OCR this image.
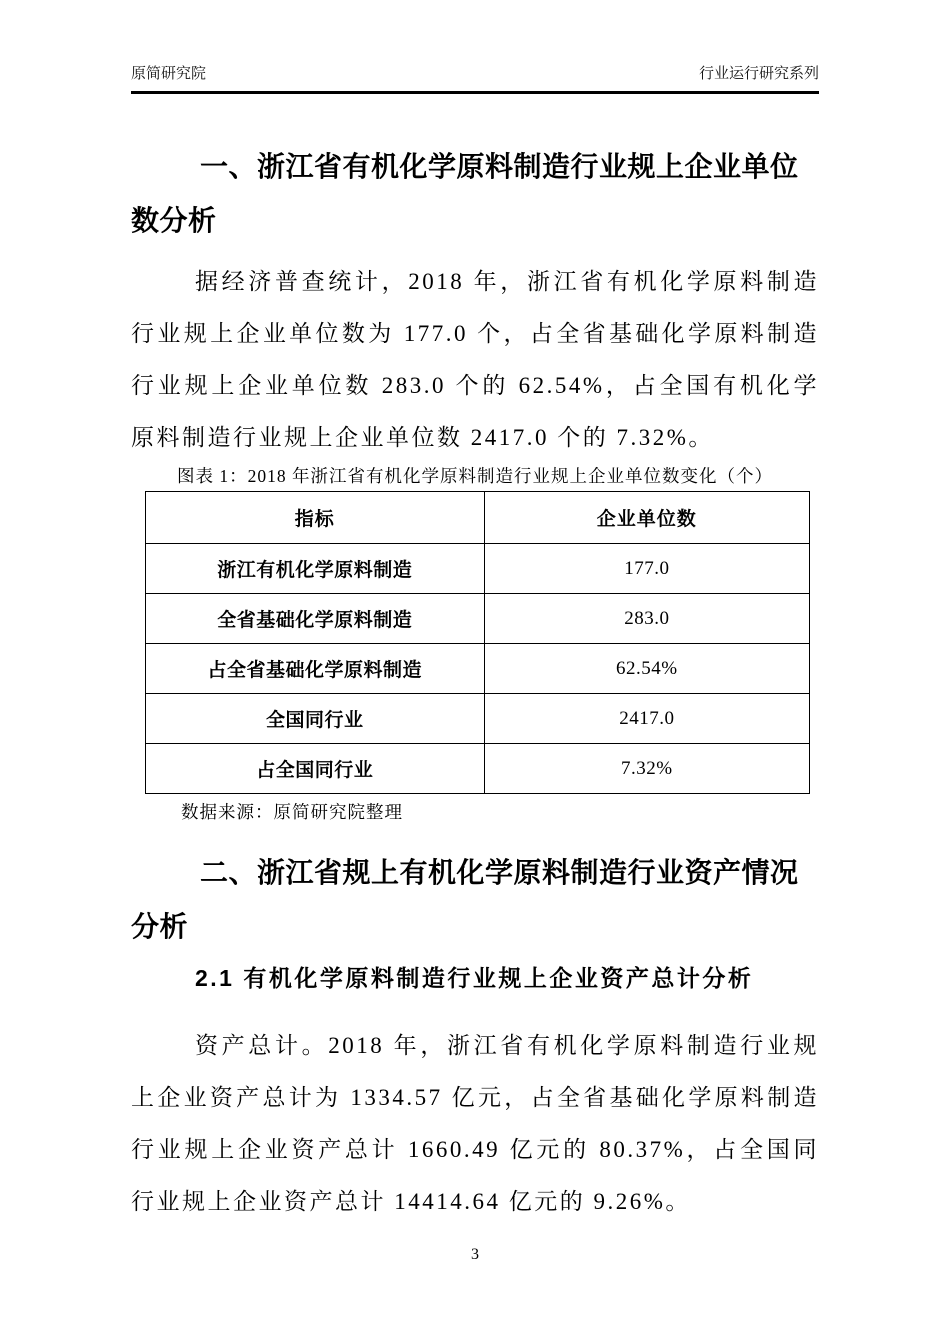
原简研究院	行业运行研究系列
一、浙江省有机化学原料制造行业规上企业单位
数分析
据经济普查统计，2018 年，浙江省有机化学原料制造
行业规上企业单位数为 177.0 个，占全省基础化学原料制造
行业规上企业单位数 283.0 个的 62.54%，占全国有机化学
原料制造行业规上企业单位数 2417.0 个的 7.32%。
图表 1：2018 年浙江省有机化学原料制造行业规上企业单位数变化（个）
指标	企业单位数
浙江有机化学原料制造	177.0
全省基础化学原料制造	283.0
占全省基础化学原料制造	62.54%
全国同行业	2417.0
占全国同行业	7.32%
数据来源：原简研究院整理
二、浙江省规上有机化学原料制造行业资产情况
分析
2.1 有机化学原料制造行业规上企业资产总计分析
资产总计。2018 年，浙江省有机化学原料制造行业规
上企业资产总计为 1334.57 亿元，占全省基础化学原料制造
行业规上企业资产总计 1660.49 亿元的 80.37%，占全国同
行业规上企业资产总计 14414.64 亿元的 9.26%。
3
